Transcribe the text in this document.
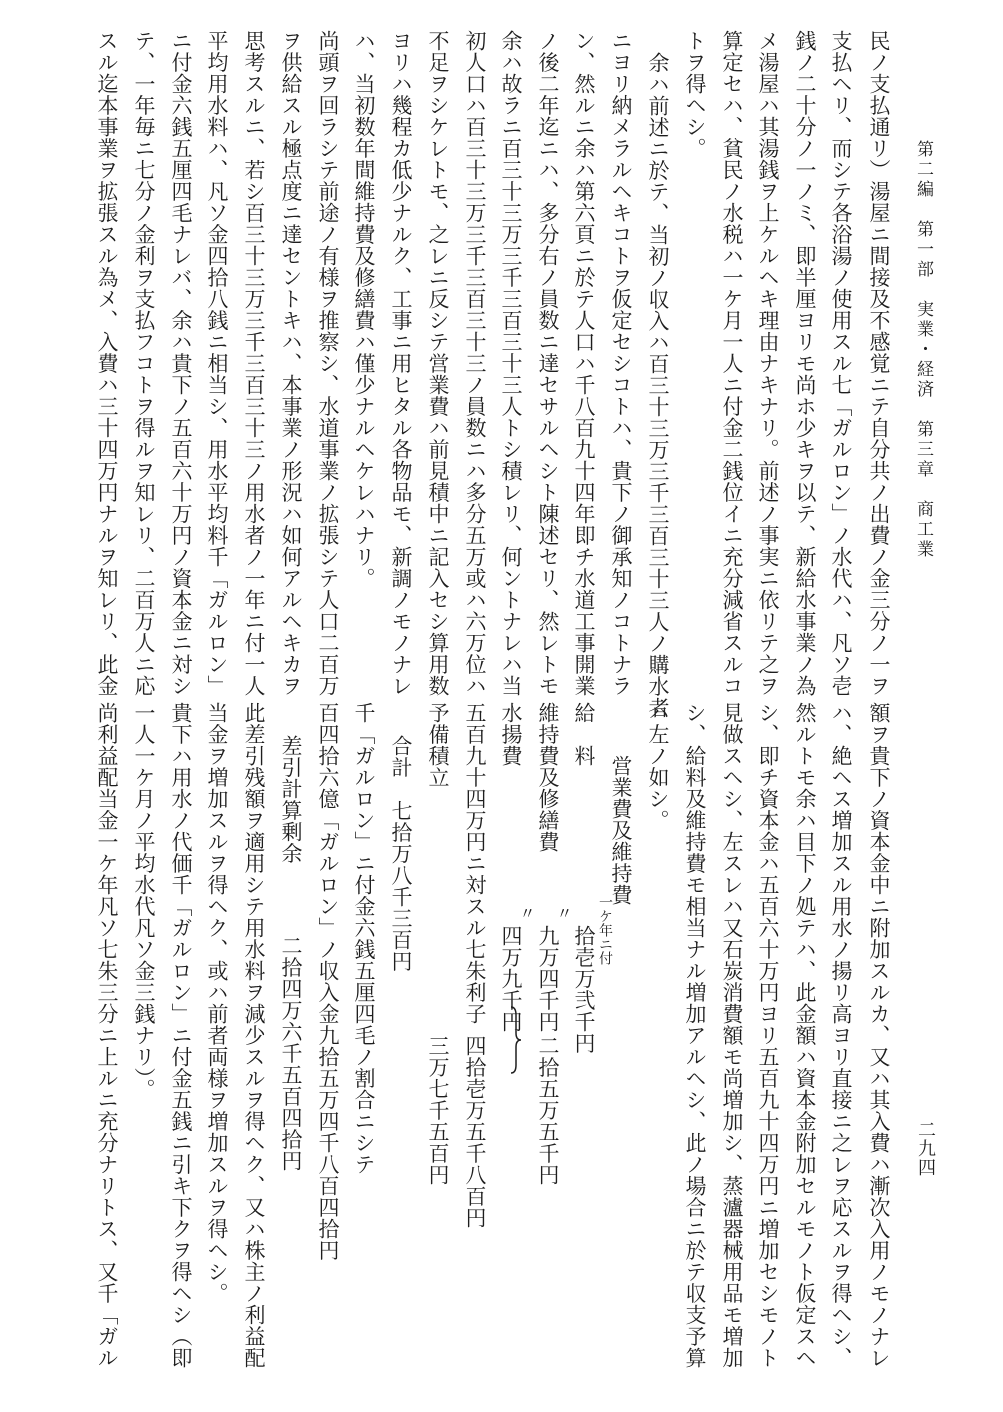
第二編　第一部　実業・経済　第三章　商工業
二九四
民ノ支払通リ）湯屋ニ間接及不感覚ニテ自分共ノ出費ノ金三分ノ一ヲ
支払ヘリ、而シテ各浴湯ノ使用スル七「ガルロン」ノ水代ハ、凡ソ壱
銭ノ二十分ノ一ノミ、即半厘ヨリモ尚ホ少キヲ以テ、新給水事業ノ為
メ湯屋ハ其湯銭ヲ上ケルヘキ理由ナキナリ。前述ノ事実ニ依リテ之ヲ
算定セハ、貧民ノ水税ハ一ケ月一人ニ付金二銭位イニ充分減省スルコ
トヲ得ヘシ。
余ハ前述ニ於テ、当初ノ収入ハ百三十三万三千三百三十三人ノ購水者
ニヨリ納メラルヘキコトヲ仮定セシコトハ、貴下ノ御承知ノコトナラ
ン、然ルニ余ハ第六頁ニ於テ人口ハ千八百九十四年即チ水道工事開業
ノ後二年迄ニハ、多分右ノ員数ニ達セサルヘシト陳述セリ、然レトモ
余ハ故ラニ百三十三万三千三百三十三人トシ積レリ、何ントナレハ当
初人口ハ百三十三万三千三百三十三ノ員数ニハ多分五万或ハ六万位ハ
不足ヲシケレトモ、之レニ反シテ営業費ハ前見積中ニ記入セシ算用数
ヨリハ幾程カ低少ナルク、工事ニ用ヒタル各物品モ、新調ノモノナレ
ハ、当初数年間維持費及修繕費ハ僅少ナルヘケレハナリ。
尚頭ヲ回ラシテ前途ノ有様ヲ推察シ、水道事業ノ拡張シテ人口二百万
ヲ供給スル極点度ニ達セントキハ、本事業ノ形況ハ如何アルヘキカヲ
思考スルニ、若シ百三十三万三千三百三十三ノ用水者ノ一年ニ付一人
平均用水料ハ、凡ソ金四拾八銭ニ相当シ、用水平均料千「ガルロン」
ニ付金六銭五厘四毛ナレバ、余ハ貴下ノ五百六十万円ノ資本金ニ対シ
テ、一年毎ニ七分ノ金利ヲ支払フコトヲ得ルヲ知レリ、二百万人ニ応
スル迄本事業ヲ拡張スル為メ、入費ハ三十四万円ナルヲ知レリ、此金
額ヲ貴下ノ資本金中ニ附加スルカ、又ハ其入費ハ漸次入用ノモノナレ
ハ、絶ヘス増加スル用水ノ揚リ高ヨリ直接ニ之レヲ応スルヲ得ヘシ、
然ルトモ余ハ目下ノ処テハ、此金額ハ資本金附加セルモノト仮定スヘ
シ、即チ資本金ハ五百六十万円ヨリ五百九十四万円ニ増加セシモノト
見做スヘシ、左スレハ又石炭消費額モ尚増加シ、蒸瀘器械用品モ増加
シ、給料及維持費モ相当ナル増加アルヘシ、此ノ場合ニ於テ収支予算
ハ左ノ如シ。
営業費及維持費
給　料
一ケ年ニ付
拾壱万弐千円
維持費及修繕費
〃
九万四千円
水揚費
〃
四万九千円
二拾五万五千円
五百九十四万円ニ対スル七朱利子
四拾壱万五千八百円
予備積立
三万七千五百円
合計
七拾万八千三百円
千「ガルロン」ニ付金六銭五厘四毛ノ割合ニシテ
百四拾六億「ガルロン」ノ収入金九拾五万四千八百四拾円
差引計算剰余
二拾四万六千五百四拾円
此差引残額ヲ適用シテ用水料ヲ減少スルヲ得ヘク、又ハ株主ノ利益配
当金ヲ増加スルヲ得ヘク、或ハ前者両様ヲ増加スルヲ得ヘシ。
貴下ハ用水ノ代価千「ガルロン」ニ付金五銭ニ引キ下クヲ得ヘシ（即
一人一ケ月ノ平均水代凡ソ金三銭ナリ）。
尚利益配当金一ケ年凡ソ七朱三分ニ上ルニ充分ナリトス、又千「ガル
